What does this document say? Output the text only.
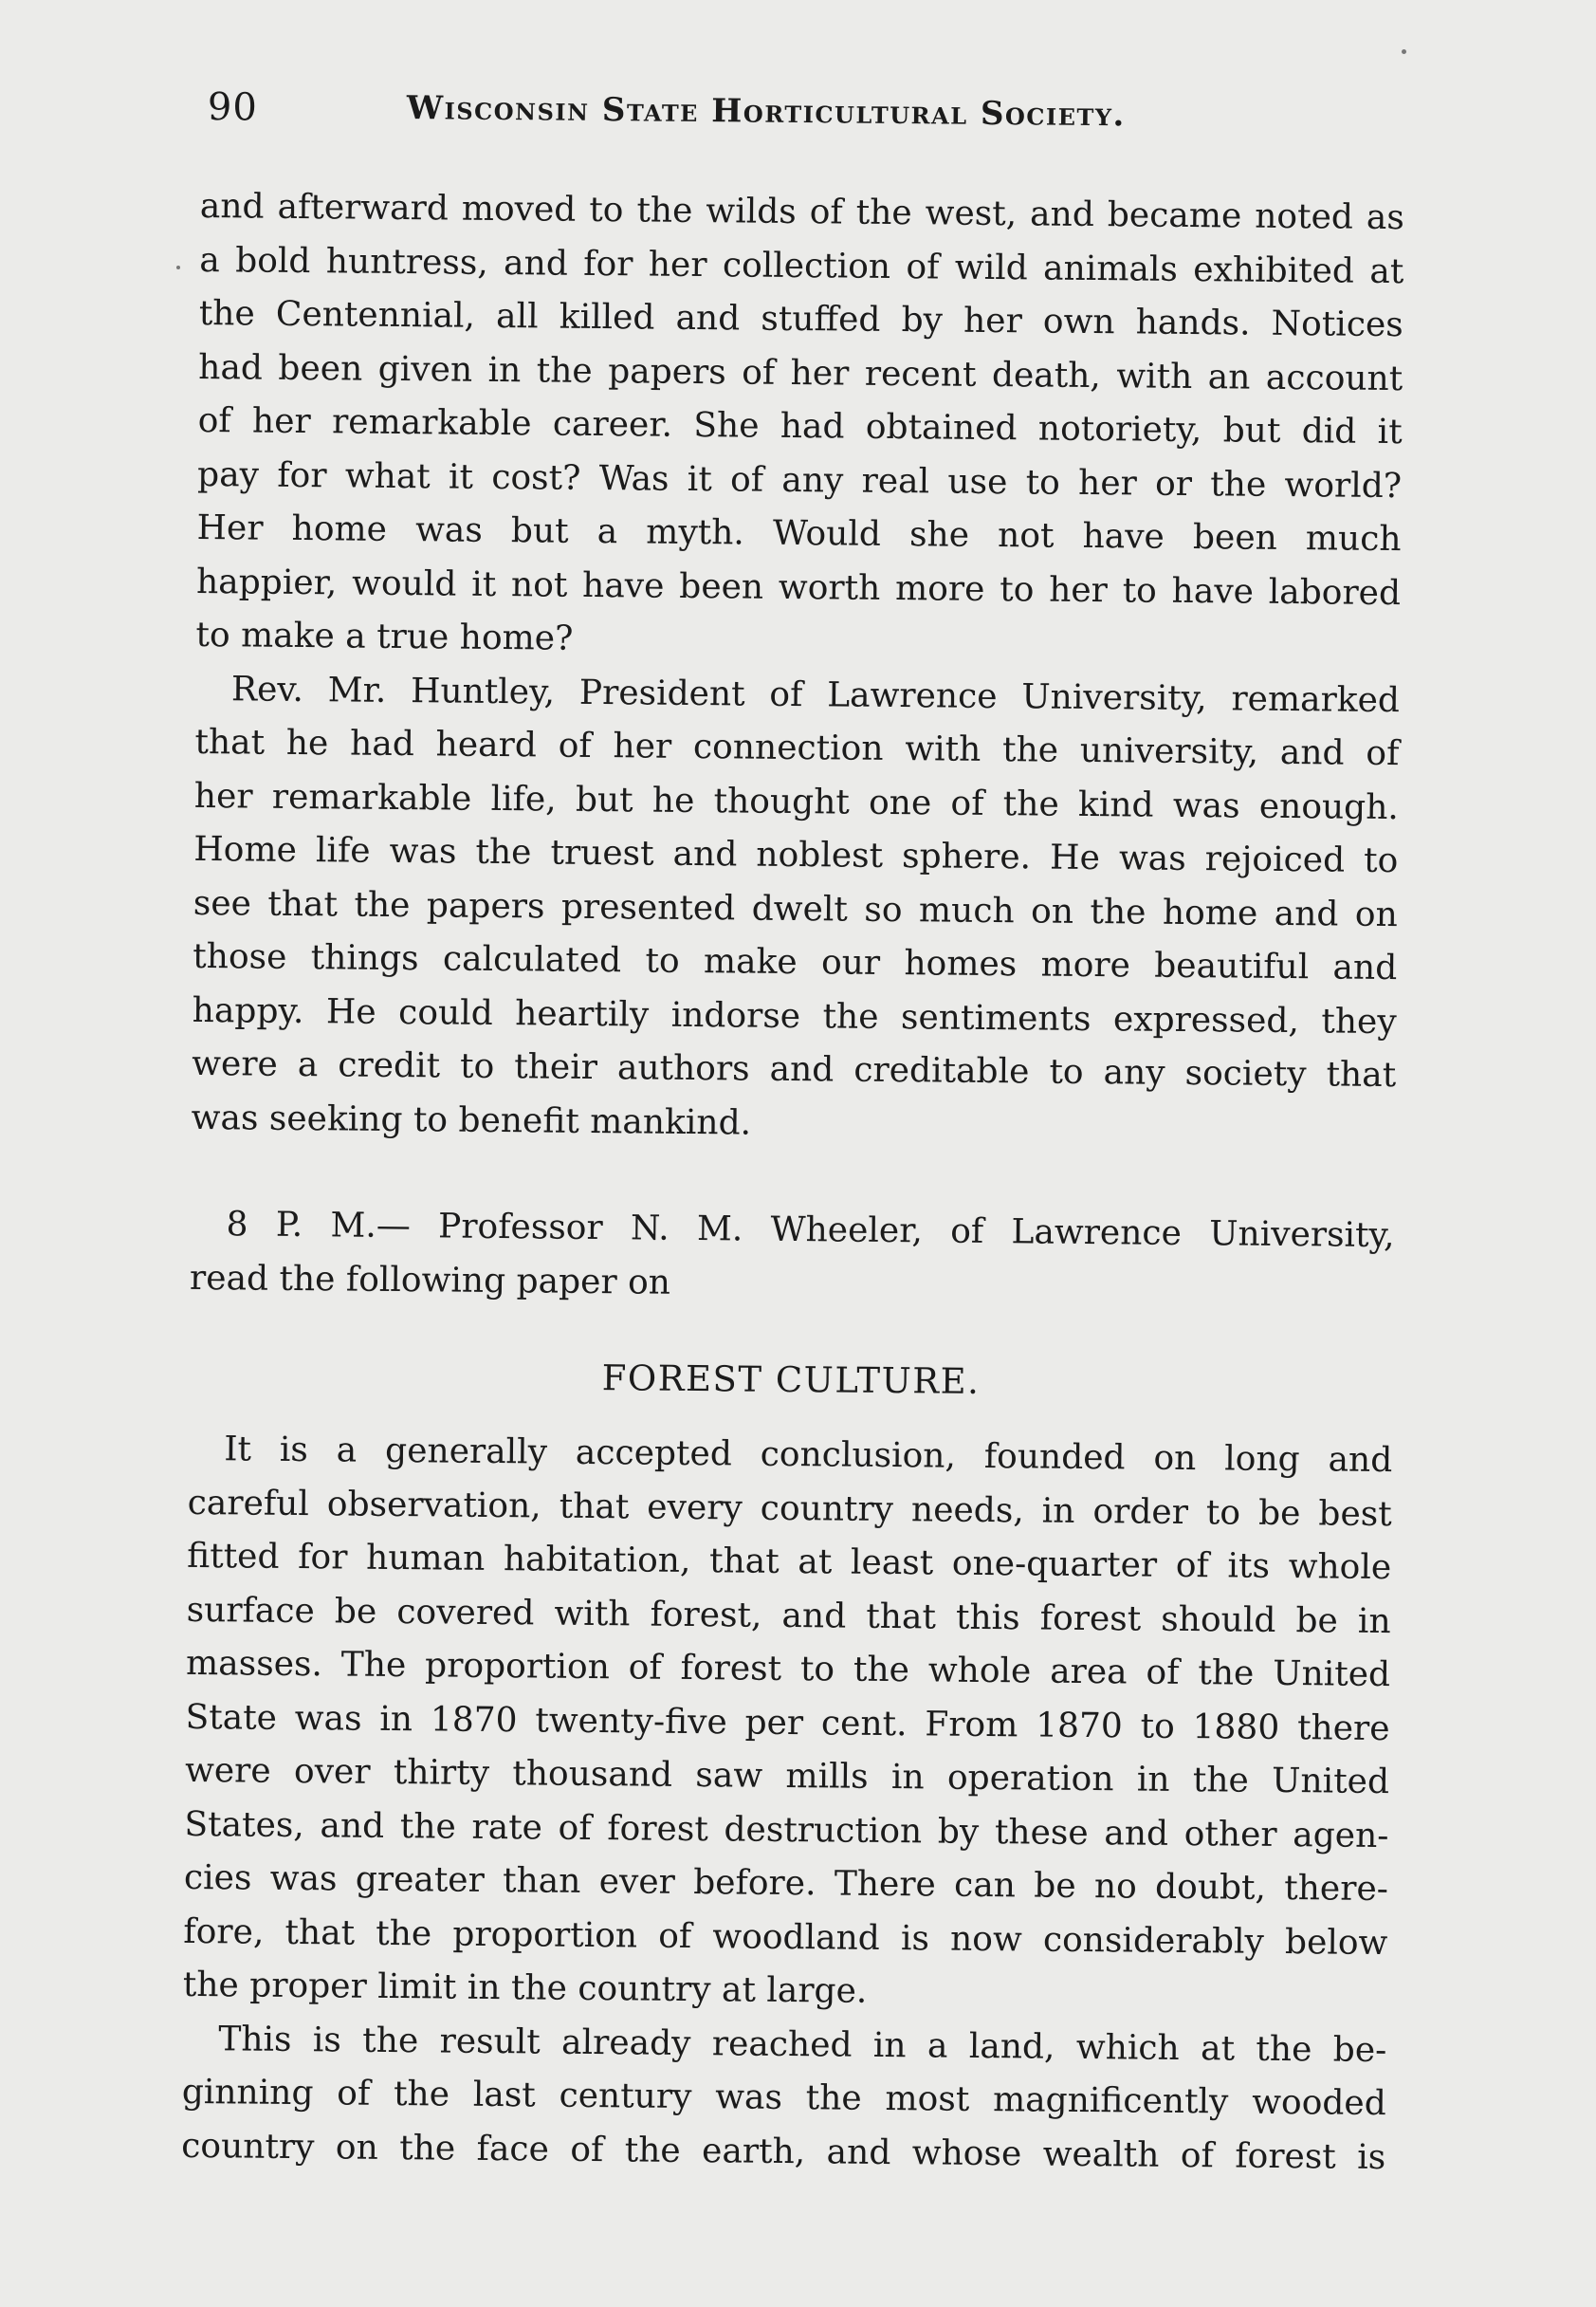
90	Wisconsin State Horticultural Society.
and afterward moved to the wilds of the west, and became noted as
a bold huntress, and for her collection of wild animals exhibited at
the Centennial, all killed and stuffed by her own hands. Notices
had been given in the papers of her recent death, with an account
of her remarkable career. She had obtained notoriety, but did it
pay for what it cost? Was it of any real use to her or the world?
Her home was but a myth. Would she not have been much
happier, would it not have been worth more to her to have labored
to make a true home?
Rev. Mr. Huntley, President of Lawrence University, remarked
that he had heard of her connection with the university, and of
her remarkable life, but he thought one of the kind was enough.
Home life was the truest and noblest sphere. He was rejoiced to
see that the papers presented dwelt so much on the home and on
those things calculated to make our homes more beautiful and
happy. He could heartily indorse the sentiments expressed, they
were a credit to their authors and creditable to any society that
was seeking to benefit mankind.
8 P. M.— Professor N. M. Wheeler, of Lawrence University,
read the following paper on
FOREST CULTURE.
It is a generally accepted conclusion, founded on long and
careful observation, that every country needs, in order to be best
fitted for human habitation, that at least one-quarter of its whole
surface be covered with forest, and that this forest should be in
masses. The proportion of forest to the whole area of the United
State was in 1870 twenty-five per cent. From 1870 to 1880 there
were over thirty thousand saw mills in operation in the United
States, and the rate of forest destruction by these and other agen-
cies was greater than ever before. There can be no doubt, there-
fore, that the proportion of woodland is now considerably below
the proper limit in the country at large.
This is the result already reached in a land, which at the be-
ginning of the last century was the most magnificently wooded
country on the face of the earth, and whose wealth of forest is
